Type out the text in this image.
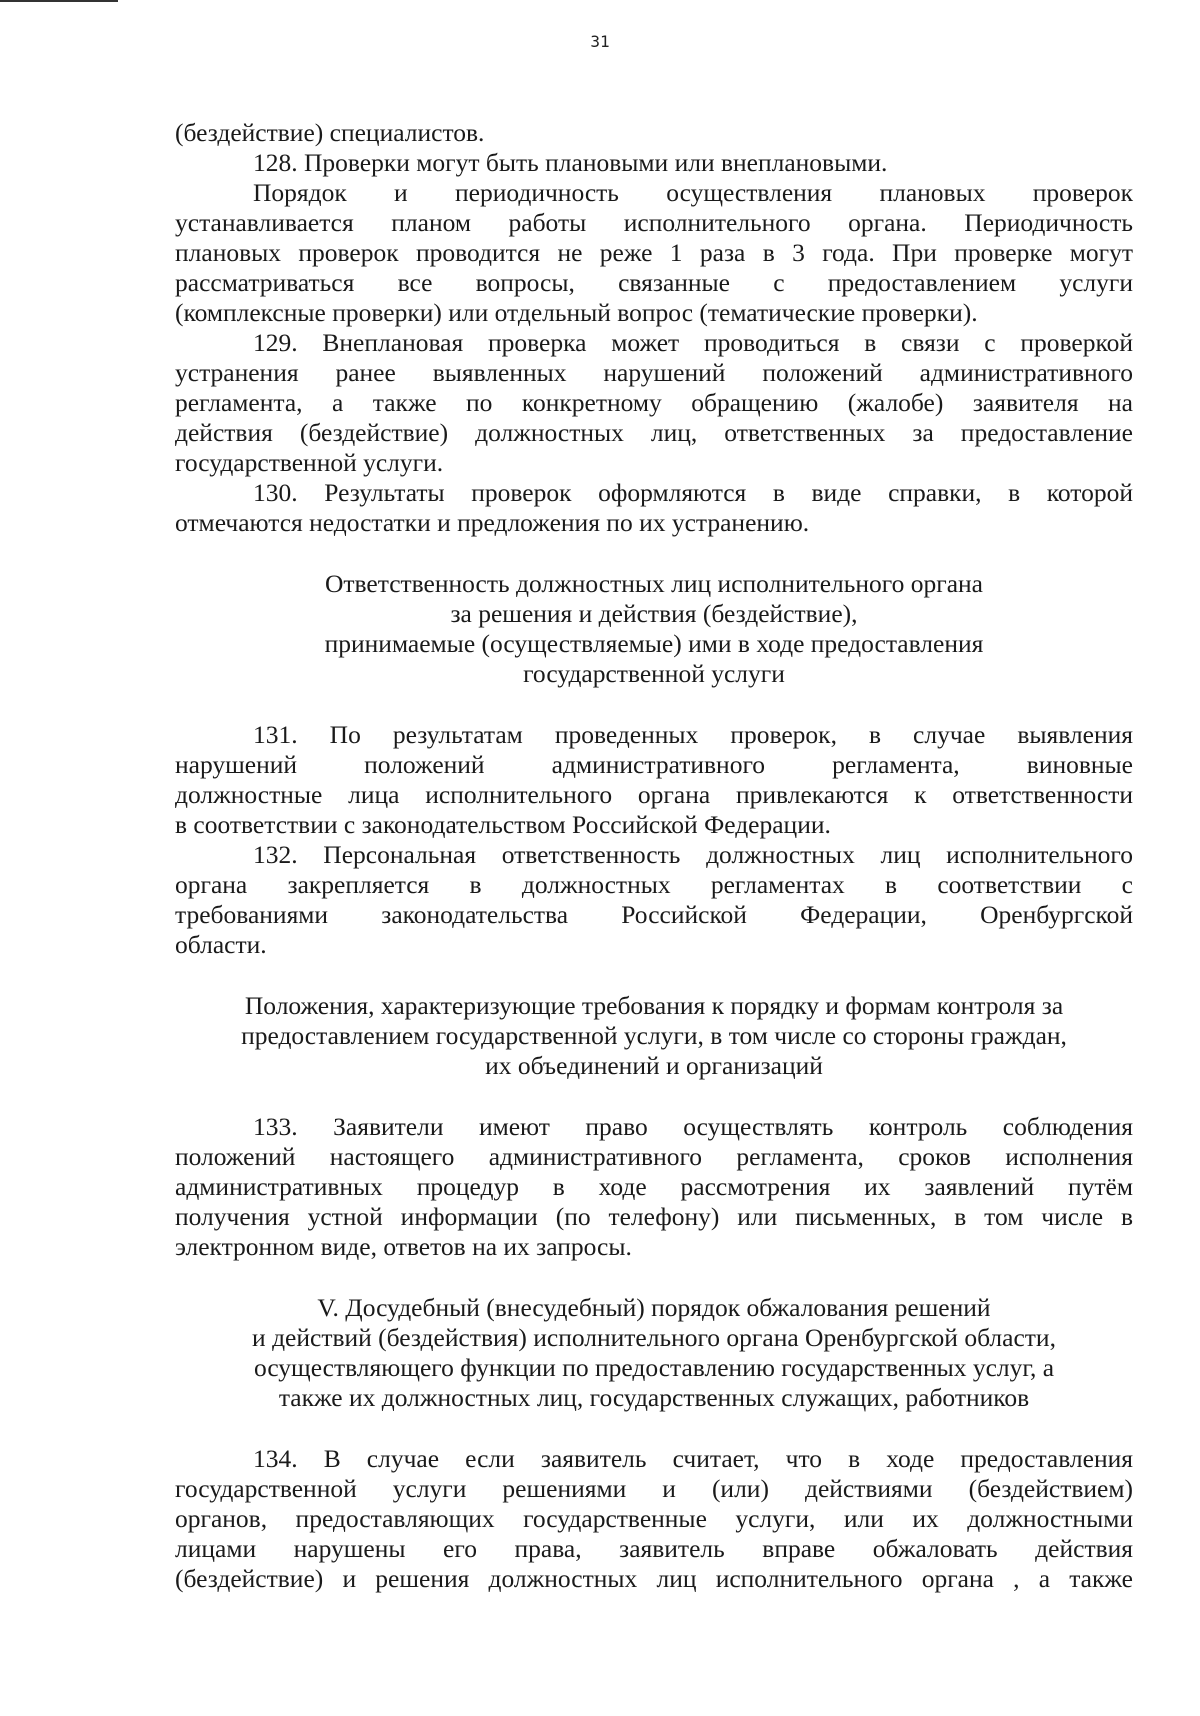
31
(бездействие) специалистов.
128. Проверки могут быть плановыми или внеплановыми.
Порядок и периодичность осуществления плановых проверок
устанавливается планом работы исполнительного органа. Периодичность
плановых проверок проводится не реже 1 раза в 3 года. При проверке могут
рассматриваться все вопросы, связанные с предоставлением услуги
(комплексные проверки) или отдельный вопрос (тематические проверки).
129. Внеплановая проверка может проводиться в связи с проверкой
устранения ранее выявленных нарушений положений административного
регламента, а также по конкретному обращению (жалобе) заявителя на
действия (бездействие) должностных лиц, ответственных за предоставление
государственной услуги.
130. Результаты проверок оформляются в виде справки, в которой
отмечаются недостатки и предложения по их устранению.
Ответственность должностных лиц исполнительного органа
за решения и действия (бездействие),
принимаемые (осуществляемые) ими в ходе предоставления
государственной услуги
131. По результатам проведенных проверок, в случае выявления
нарушений положений административного регламента, виновные
должностные лица исполнительного органа привлекаются к ответственности
в соответствии с законодательством Российской Федерации.
132. Персональная ответственность должностных лиц исполнительного
органа закрепляется в должностных регламентах в соответствии с
требованиями законодательства Российской Федерации, Оренбургской
области.
Положения, характеризующие требования к порядку и формам контроля за
предоставлением государственной услуги, в том числе со стороны граждан,
их объединений и организаций
133. Заявители имеют право осуществлять контроль соблюдения
положений настоящего административного регламента, сроков исполнения
административных процедур в ходе рассмотрения их заявлений путём
получения устной информации (по телефону) или письменных, в том числе в
электронном виде, ответов на их запросы.
V. Досудебный (внесудебный) порядок обжалования решений
и действий (бездействия) исполнительного органа Оренбургской области,
осуществляющего функции по предоставлению государственных услуг, а
также их должностных лиц, государственных служащих, работников
134. В случае если заявитель считает, что в ходе предоставления
государственной услуги решениями и (или) действиями (бездействием)
органов, предоставляющих государственные услуги, или их должностными
лицами нарушены его права, заявитель вправе обжаловать действия
(бездействие) и решения должностных лиц исполнительного органа , а также
